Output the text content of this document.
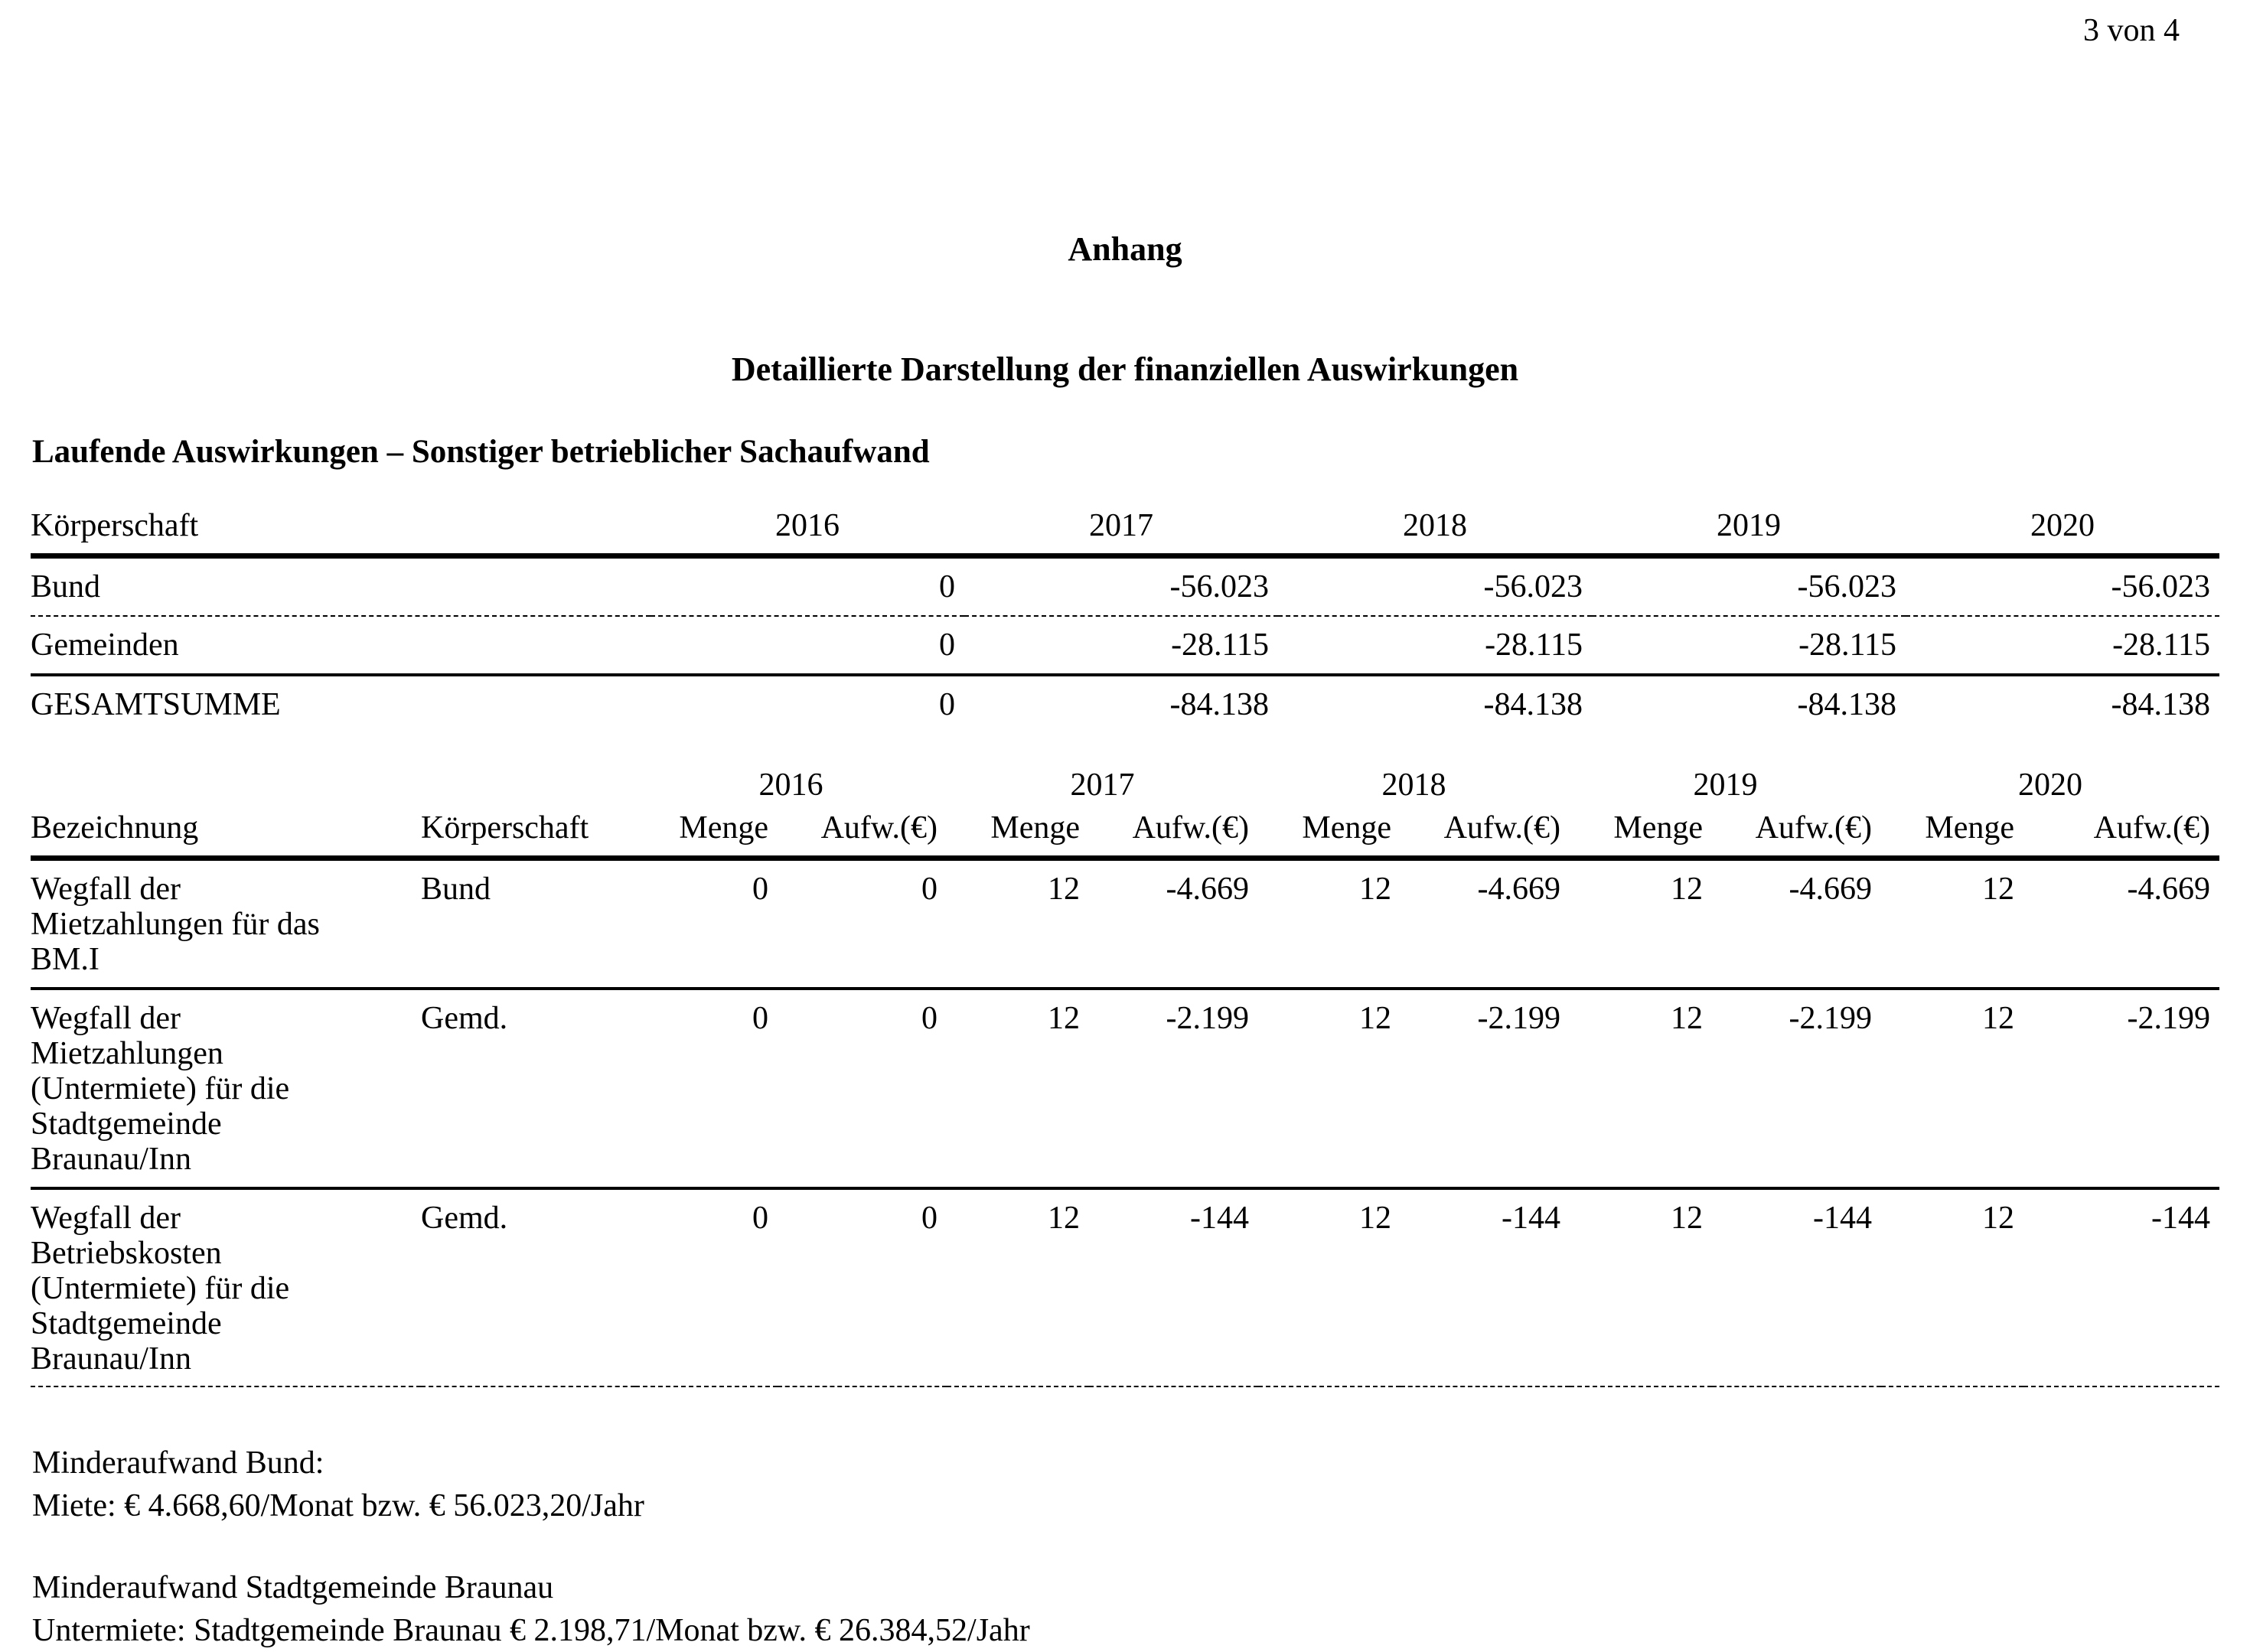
3 von 4
Anhang
Detaillierte Darstellung der finanziellen Auswirkungen
Laufende Auswirkungen – Sonstiger betrieblicher Sachaufwand
Körperschaft	2016	2017	2018	2019	2020
Bund	0	-56.023	-56.023	-56.023	-56.023
Gemeinden	0	-28.115	-28.115	-28.115	-28.115
GESAMTSUMME	0	-84.138	-84.138	-84.138	-84.138
		2016		2017		2018		2019		2020	
Bezeichnung	Körperschaft	Menge	Aufw.(€)	Menge	Aufw.(€)	Menge	Aufw.(€)	Menge	Aufw.(€)	Menge	Aufw.(€)
Wegfall der Mietzahlungen für das BM.I	Bund	0	0	12	-4.669	12	-4.669	12	-4.669	12	-4.669
Wegfall der Mietzahlungen (Untermiete) für die Stadtgemeinde Braunau/Inn	Gemd.	0	0	12	-2.199	12	-2.199	12	-2.199	12	-2.199
Wegfall der Betriebskosten (Untermiete) für die Stadtgemeinde Braunau/Inn	Gemd.	0	0	12	-144	12	-144	12	-144	12	-144

Minderaufwand Bund:

Miete: € 4.668,60/Monat bzw. € 56.023,20/Jahr

Minderaufwand Stadtgemeinde Braunau

Untermiete: Stadtgemeinde Braunau € 2.198,71/Monat bzw. € 26.384,52/Jahr
